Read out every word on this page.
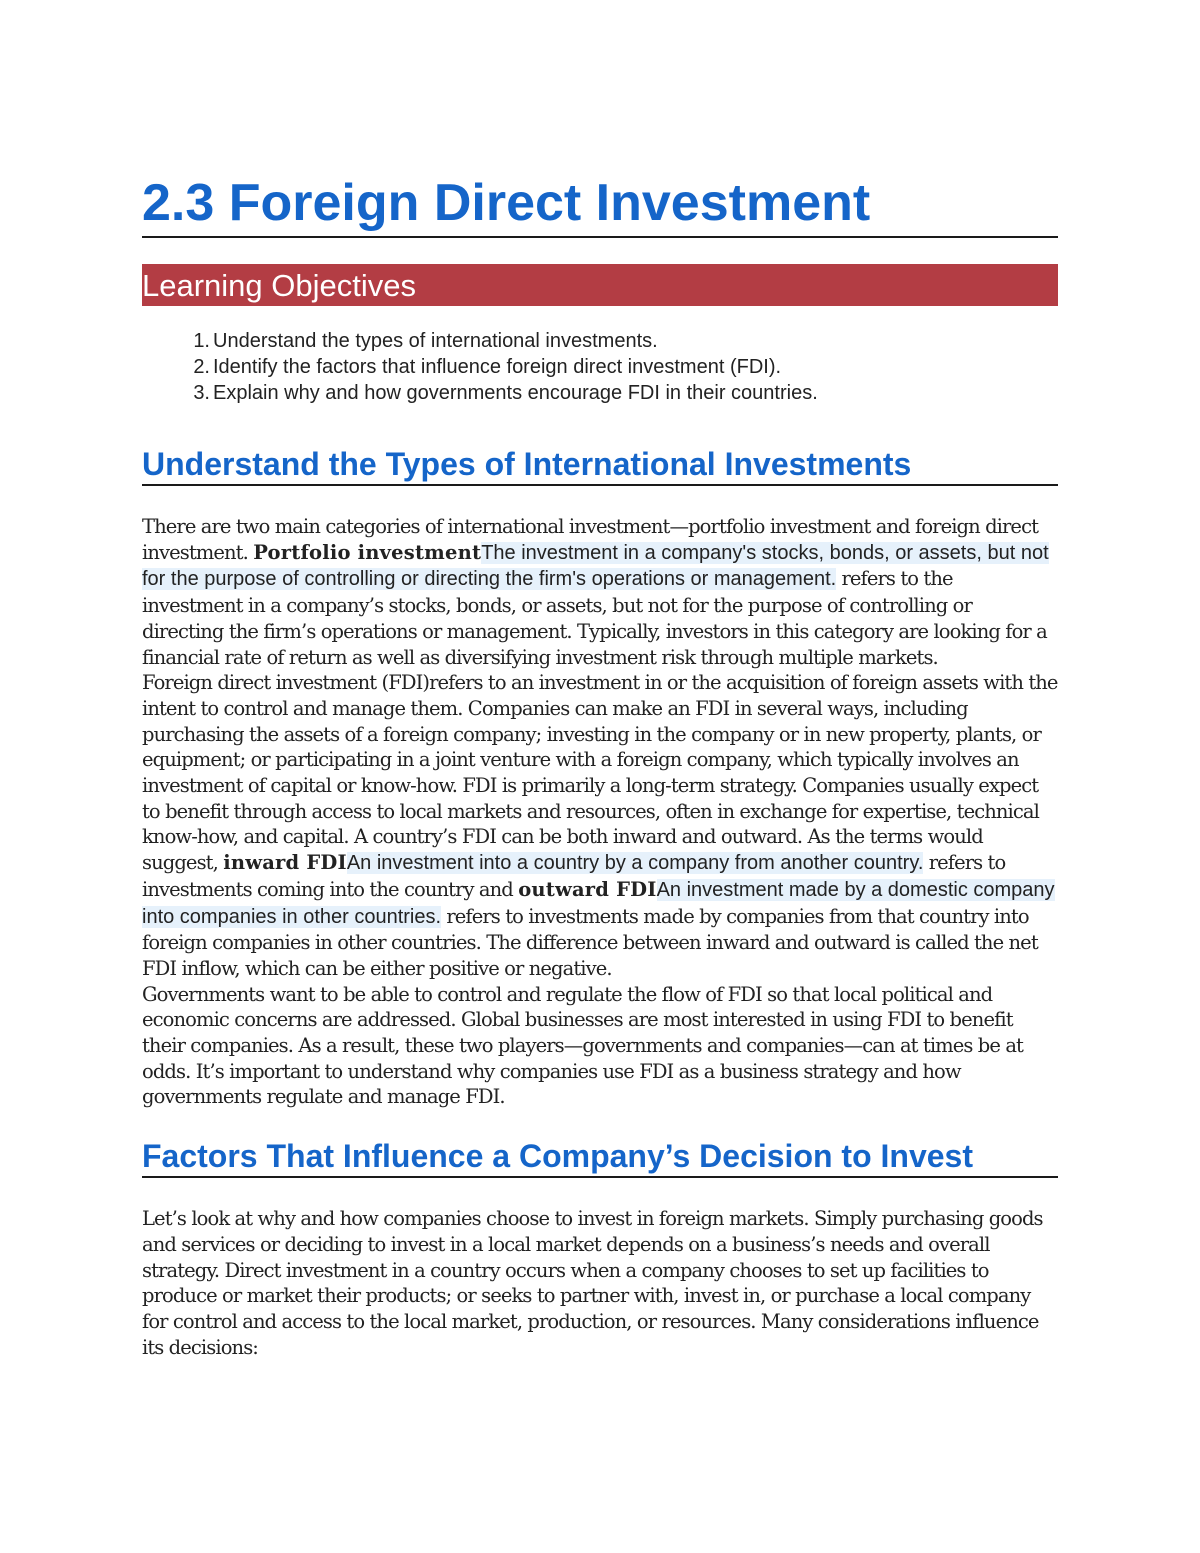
2.3 Foreign Direct Investment
Learning Objectives
1. Understand the types of international investments.
2. Identify the factors that influence foreign direct investment (FDI).
3. Explain why and how governments encourage FDI in their countries.
Understand the Types of International Investments

There are two main categories of international investment—portfolio investment and foreign direct investment. Portfolio investmentThe investment in a company's stocks, bonds, or assets, but not for the purpose of controlling or directing the firm's operations or management. refers to the investment in a company’s stocks, bonds, or assets, but not for the purpose of controlling or directing the firm’s operations or management. Typically, investors in this category are looking for a financial rate of return as well as diversifying investment risk through multiple markets.

Foreign direct investment (FDI)refers to an investment in or the acquisition of foreign assets with the intent to control and manage them. Companies can make an FDI in several ways, including purchasing the assets of a foreign company; investing in the company or in new property, plants, or equipment; or participating in a joint venture with a foreign company, which typically involves an investment of capital or know-how. FDI is primarily a long-term strategy. Companies usually expect to benefit through access to local markets and resources, often in exchange for expertise, technical know-how, and capital. A country’s FDI can be both inward and outward. As the terms would suggest, inward FDIAn investment into a country by a company from another country. refers to investments coming into the country and outward FDIAn investment made by a domestic company into companies in other countries. refers to investments made by companies from that country into foreign companies in other countries. The difference between inward and outward is called the net FDI inflow, which can be either positive or negative.

Governments want to be able to control and regulate the flow of FDI so that local political and economic concerns are addressed. Global businesses are most interested in using FDI to benefit their companies. As a result, these two players—governments and companies—can at times be at odds. It’s important to understand why companies use FDI as a business strategy and how governments regulate and manage FDI.

Factors That Influence a Company’s Decision to Invest

Let’s look at why and how companies choose to invest in foreign markets. Simply purchasing goods and services or deciding to invest in a local market depends on a business’s needs and overall strategy. Direct investment in a country occurs when a company chooses to set up facilities to produce or market their products; or seeks to partner with, invest in, or purchase a local company for control and access to the local market, production, or resources. Many considerations influence its decisions:
